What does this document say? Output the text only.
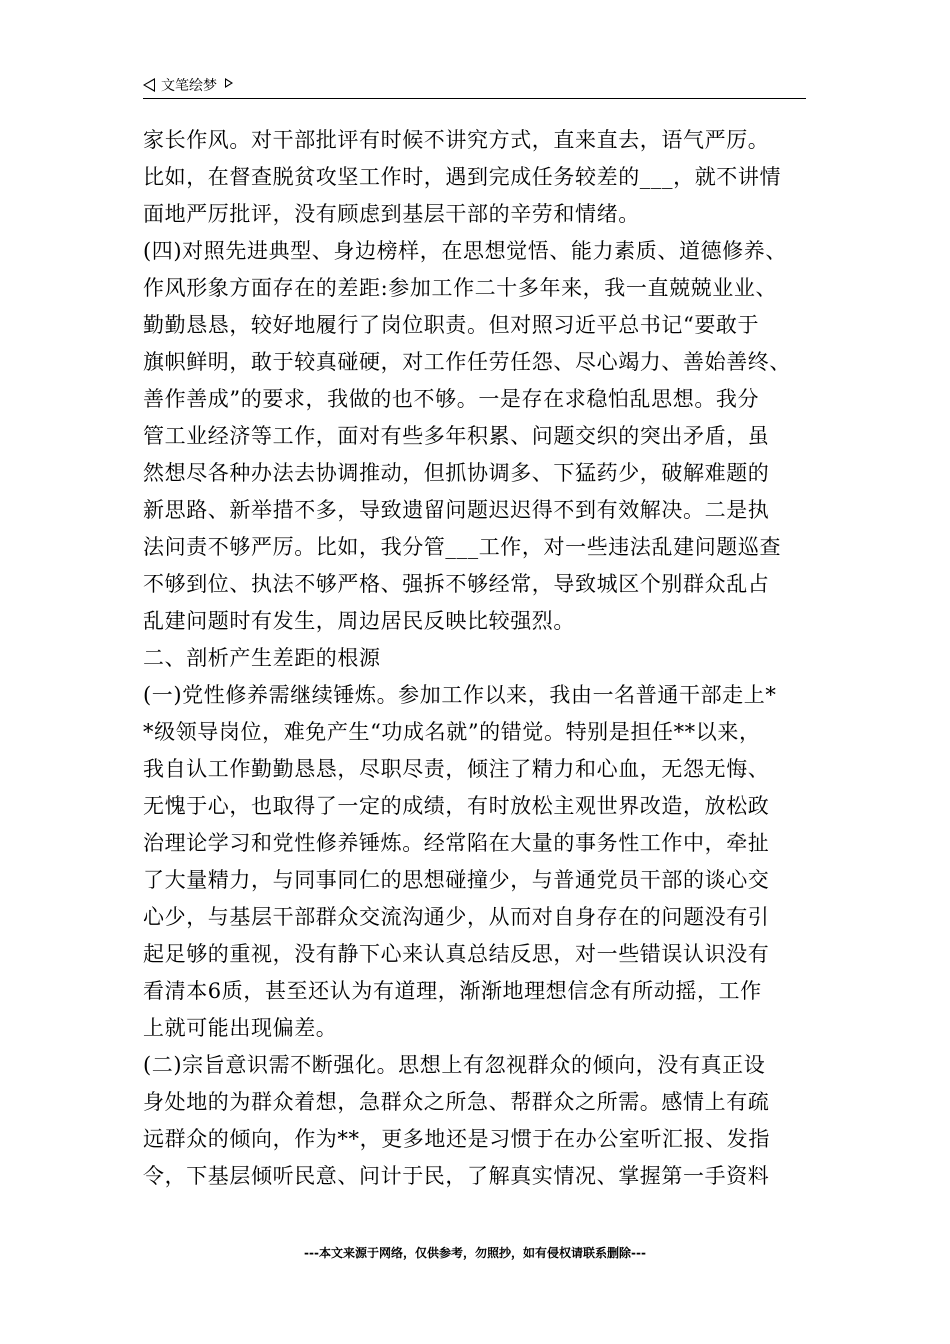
文笔绘梦

家长作风。对干部批评有时候不讲究方式，直来直去，语气严厉。

比如，在督查脱贫攻坚工作时，遇到完成任务较差的___，就不讲情

面地严厉批评，没有顾虑到基层干部的辛劳和情绪。

(四)对照先进典型、身边榜样，在思想觉悟、能力素质、道德修养、

作风形象方面存在的差距:参加工作二十多年来，我一直兢兢业业、

勤勤恳恳，较好地履行了岗位职责。但对照习近平总书记“要敢于

旗帜鲜明，敢于较真碰硬，对工作任劳任怨、尽心竭力、善始善终、

善作善成”的要求，我做的也不够。一是存在求稳怕乱思想。我分

管工业经济等工作，面对有些多年积累、问题交织的突出矛盾，虽

然想尽各种办法去协调推动，但抓协调多、下猛药少，破解难题的

新思路、新举措不多，导致遗留问题迟迟得不到有效解决。二是执

法问责不够严厉。比如，我分管___工作，对一些违法乱建问题巡查

不够到位、执法不够严格、强拆不够经常，导致城区个别群众乱占

乱建问题时有发生，周边居民反映比较强烈。

二、剖析产生差距的根源

(一)党性修养需继续锤炼。参加工作以来，我由一名普通干部走上*

*级领导岗位，难免产生“功成名就”的错觉。特别是担任**以来，

我自认工作勤勤恳恳，尽职尽责，倾注了精力和心血，无怨无悔、

无愧于心，也取得了一定的成绩，有时放松主观世界改造，放松政

治理论学习和党性修养锤炼。经常陷在大量的事务性工作中，牵扯

了大量精力，与同事同仁的思想碰撞少，与普通党员干部的谈心交

心少，与基层干部群众交流沟通少，从而对自身存在的问题没有引

起足够的重视，没有静下心来认真总结反思，对一些错误认识没有

看清本6质，甚至还认为有道理，渐渐地理想信念有所动摇，工作

上就可能出现偏差。

(二)宗旨意识需不断强化。思想上有忽视群众的倾向，没有真正设

身处地的为群众着想，急群众之所急、帮群众之所需。感情上有疏

远群众的倾向，作为**，更多地还是习惯于在办公室听汇报、发指

令，下基层倾听民意、问计于民，了解真实情况、掌握第一手资料

---本文来源于网络，仅供参考，勿照抄，如有侵权请联系删除---
